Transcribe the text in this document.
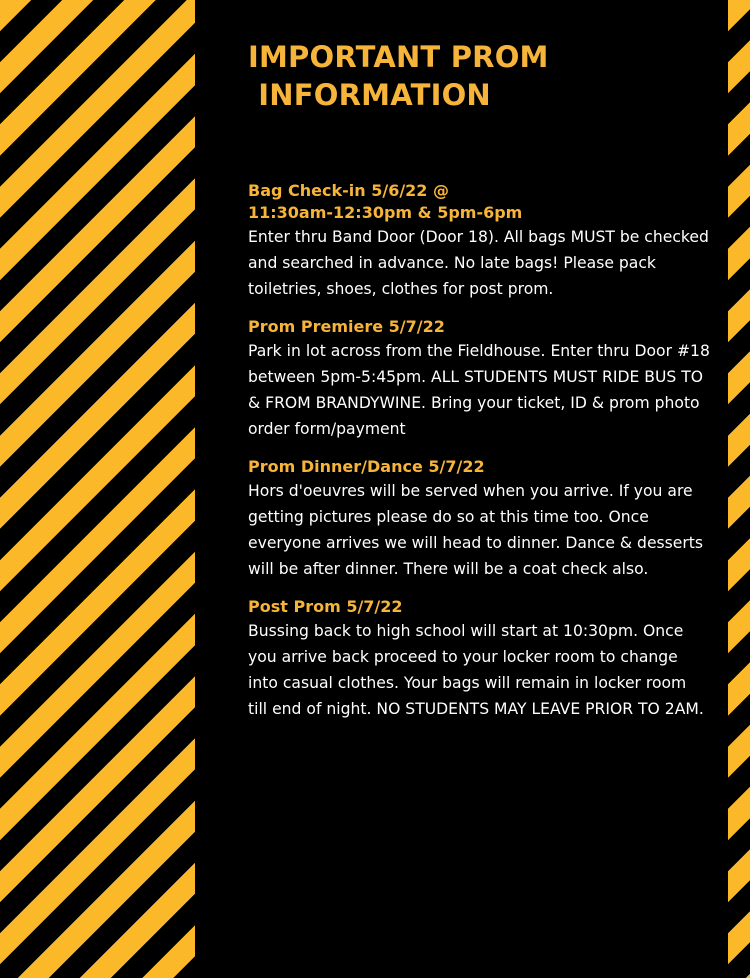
IMPORTANT PROM
INFORMATION
Bag Check-in 5/6/22 @
11:30am-12:30pm & 5pm-6pm

Enter thru Band Door (Door 18). All bags MUST be checked and searched in advance. No late bags! Please pack toiletries, shoes, clothes for post prom.

Prom Premiere 5/7/22

Park in lot across from the Fieldhouse. Enter thru Door #18 between 5pm-5:45pm. ALL STUDENTS MUST RIDE BUS TO & FROM BRANDYWINE. Bring your ticket, ID & prom photo order form/payment

Prom Dinner/Dance 5/7/22

Hors d'oeuvres will be served when you arrive. If you are getting pictures please do so at this time too. Once everyone arrives we will head to dinner. Dance & desserts will be after dinner. There will be a coat check also.

Post Prom 5/7/22

Bussing back to high school will start at 10:30pm. Once you arrive back proceed to your locker room to change into casual clothes. Your bags will remain in locker room till end of night. NO STUDENTS MAY LEAVE PRIOR TO 2AM.
